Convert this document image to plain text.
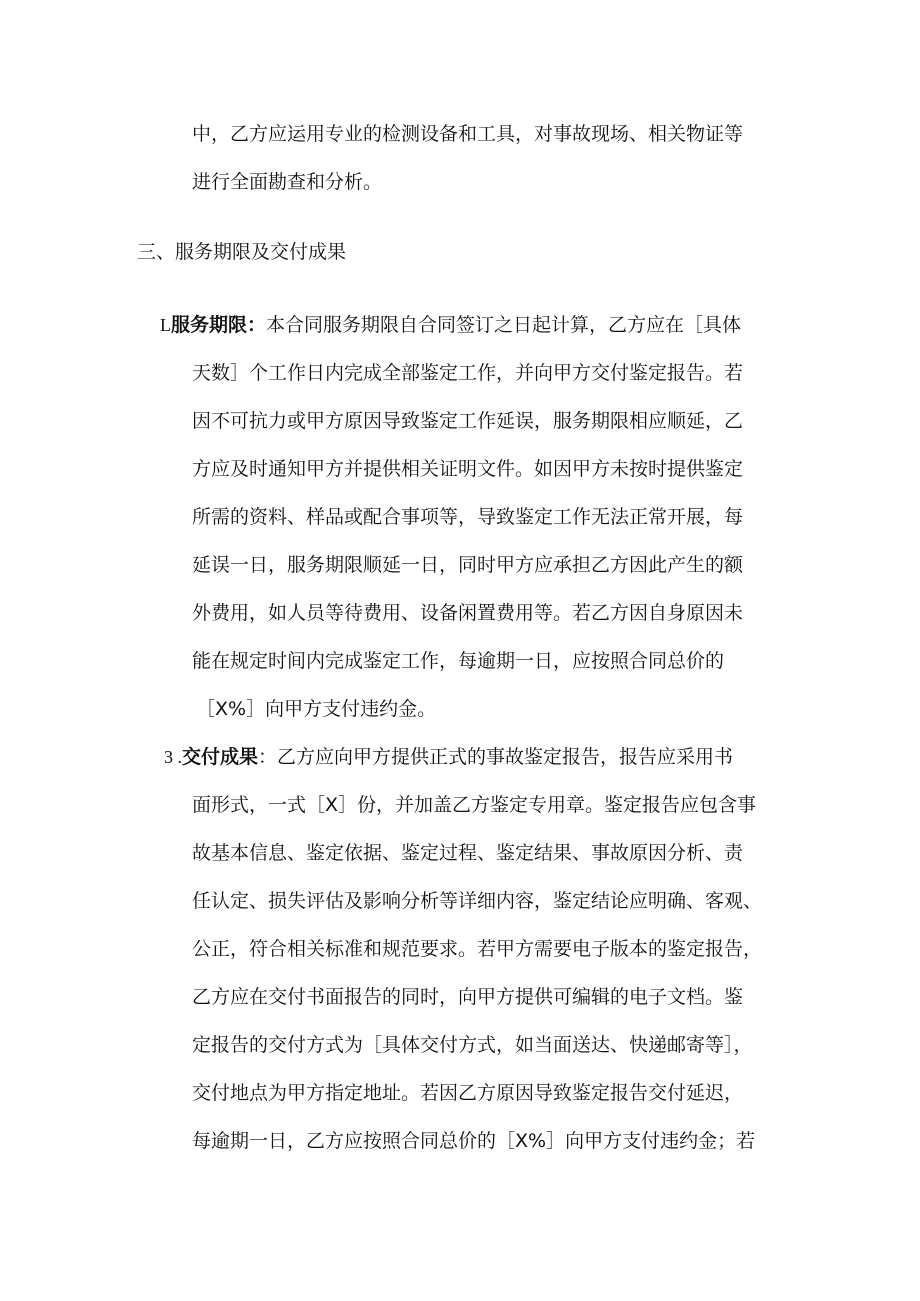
中，乙方应运用专业的检测设备和工具，对事故现场、相关物证等

进行全面勘查和分析。

三、服务期限及交付成果

L服务期限：本合同服务期限自合同签订之日起计算，乙方应在［具体

天数］个工作日内完成全部鉴定工作，并向甲方交付鉴定报告。若

因不可抗力或甲方原因导致鉴定工作延误，服务期限相应顺延，乙

方应及时通知甲方并提供相关证明文件。如因甲方未按时提供鉴定

所需的资料、样品或配合事项等，导致鉴定工作无法正常开展，每

延误一日，服务期限顺延一日，同时甲方应承担乙方因此产生的额

外费用，如人员等待费用、设备闲置费用等。若乙方因自身原因未

能在规定时间内完成鉴定工作，每逾期一日，应按照合同总价的

［X%］向甲方支付违约金。

3 .交付成果：乙方应向甲方提供正式的事故鉴定报告，报告应采用书

面形式，一式［X］份，并加盖乙方鉴定专用章。鉴定报告应包含事

故基本信息、鉴定依据、鉴定过程、鉴定结果、事故原因分析、责

任认定、损失评估及影响分析等详细内容，鉴定结论应明确、客观、

公正，符合相关标准和规范要求。若甲方需要电子版本的鉴定报告，

乙方应在交付书面报告的同时，向甲方提供可编辑的电子文档。鉴

定报告的交付方式为［具体交付方式，如当面送达、快递邮寄等］，

交付地点为甲方指定地址。若因乙方原因导致鉴定报告交付延迟，

每逾期一日，乙方应按照合同总价的［X%］向甲方支付违约金；若
